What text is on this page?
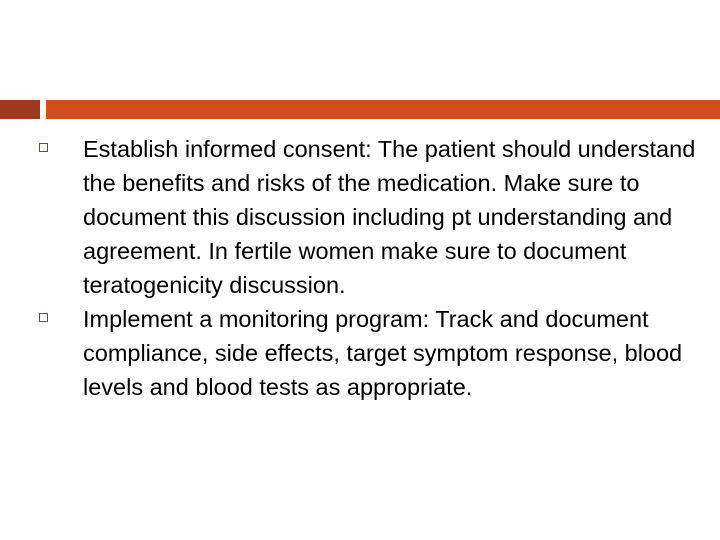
Establish informed consent: The patient should understand the benefits and risks of the medication. Make sure to document this discussion including pt understanding and agreement. In fertile women make sure to document teratogenicity discussion.
Implement a monitoring program: Track and document compliance, side effects, target symptom response, blood levels and blood tests as appropriate.
